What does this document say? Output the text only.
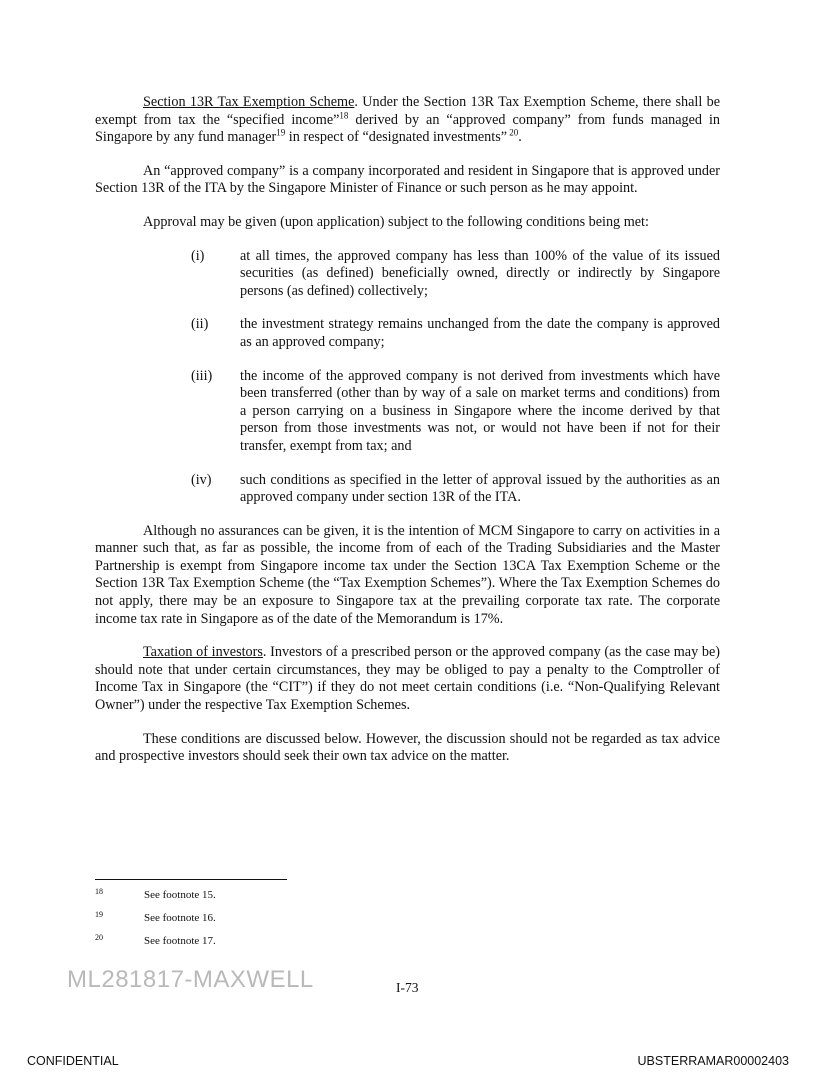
Section 13R Tax Exemption Scheme. Under the Section 13R Tax Exemption Scheme, there shall be exempt from tax the “specified income”$^{18}$ derived by an “approved company” from funds managed in Singapore by any fund manager$^{19}$ in respect of “designated investments” $^{20}$.

An “approved company” is a company incorporated and resident in Singapore that is approved under Section 13R of the ITA by the Singapore Minister of Finance or such person as he may appoint.

Approval may be given (upon application) subject to the following conditions being met:

(i)	at all times, the approved company has less than 100% of the value of its issued securities (as defined) beneficially owned, directly or indirectly by Singapore persons (as defined) collectively;
(ii) the investment strategy remains unchanged from the date the company is approved as an approved company;
(iii) the income of the approved company is not derived from investments which have been transferred (other than by way of a sale on market terms and conditions) from a person carrying on a business in Singapore where the income derived by that person from those investments was not, or would not have been if not for their transfer, exempt from tax; and
(iv) such conditions as specified in the letter of approval issued by the authorities as an approved company under section 13R of the ITA.

Although no assurances can be given, it is the intention of MCM Singapore to carry on activities in a manner such that, as far as possible, the income from of each of the Trading Subsidiaries and the Master Partnership is exempt from Singapore income tax under the Section 13CA Tax Exemption Scheme or the Section 13R Tax Exemption Scheme (the “Tax Exemption Schemes”). Where the Tax Exemption Schemes do not apply, there may be an exposure to Singapore tax at the prevailing corporate tax rate. The corporate income tax rate in Singapore as of the date of the Memorandum is 17%.

Taxation of investors. Investors of a prescribed person or the approved company (as the case may be) should note that under certain circumstances, they may be obliged to pay a penalty to the Comptroller of Income Tax in Singapore (the “CIT”) if they do not meet certain conditions (i.e. “Non-Qualifying Relevant Owner”) under the respective Tax Exemption Schemes.

These conditions are discussed below. However, the discussion should not be regarded as tax advice and prospective investors should seek their own tax advice on the matter.

18	See footnote 15.
19	See footnote 16.
20	See footnote 17.
ML281817-MAXWELL	I-73
CONFIDENTIAL	UBSTERRAMAR00002403
